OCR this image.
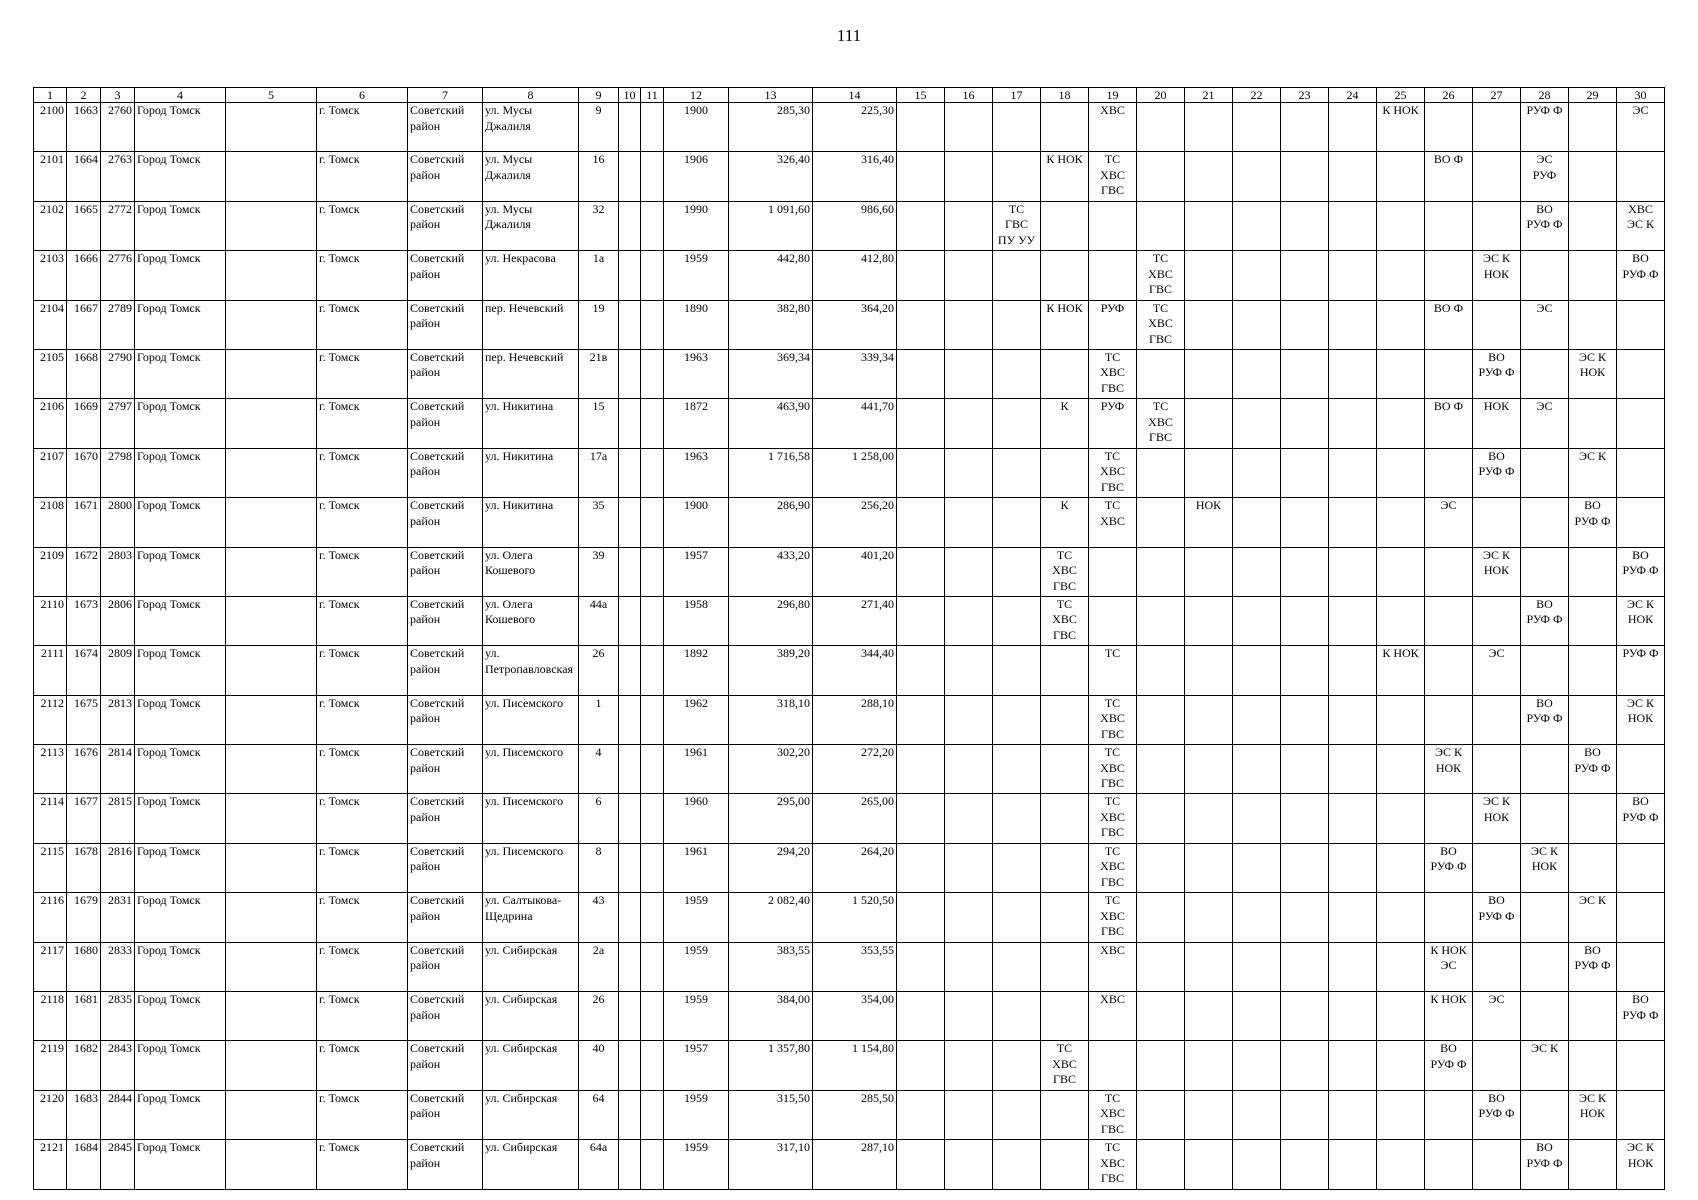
111
1	2	3	4	5	6	7	8	9	10	11	12	13	14	15	16	17	18	19	20	21	22	23	24	25	26	27	28	29	30
2100	1663	2760	Город Томск		г. Томск	Советский район	ул. Мусы Джалиля	9			1900	285,30	225,30					ХВС						К НОК			РУФ Ф		ЭС
2101	1664	2763	Город Томск		г. Томск	Советский район	ул. Мусы Джалиля	16			1906	326,40	316,40				К НОК	ТС
ХВС
ГВС							ВО Ф		ЭС
РУФ		
2102	1665	2772	Город Томск		г. Томск	Советский район	ул. Мусы Джалиля	32			1990	1 091,60	986,60			ТС
ГВС
ПУ УУ											ВО
РУФ Ф		ХВС
ЭС К
2103	1666	2776	Город Томск		г. Томск	Советский район	ул. Некрасова	1а			1959	442,80	412,80						ТС
ХВС
ГВС							ЭС К
НОК			ВО
РУФ Ф
2104	1667	2789	Город Томск		г. Томск	Советский район	пер. Нечевский	19			1890	382,80	364,20				К НОК	РУФ	ТС
ХВС
ГВС						ВО Ф		ЭС		
2105	1668	2790	Город Томск		г. Томск	Советский район	пер. Нечевский	21в			1963	369,34	339,34					ТС
ХВС
ГВС								ВО
РУФ Ф		ЭС К
НОК	
2106	1669	2797	Город Томск		г. Томск	Советский район	ул. Никитина	15			1872	463,90	441,70				К	РУФ	ТС
ХВС
ГВС						ВО Ф	НОК	ЭС		
2107	1670	2798	Город Томск		г. Томск	Советский район	ул. Никитина	17а			1963	1 716,58	1 258,00					ТС
ХВС
ГВС								ВО
РУФ Ф		ЭС К	
2108	1671	2800	Город Томск		г. Томск	Советский район	ул. Никитина	35			1900	286,90	256,20				К	ТС
ХВС		НОК					ЭС			ВО
РУФ Ф	
2109	1672	2803	Город Томск		г. Томск	Советский район	ул. Олега Кошевого	39			1957	433,20	401,20				ТС
ХВС
ГВС									ЭС К
НОК			ВО
РУФ Ф
2110	1673	2806	Город Томск		г. Томск	Советский район	ул. Олега Кошевого	44а			1958	296,80	271,40				ТС
ХВС
ГВС										ВО
РУФ Ф		ЭС К
НОК
2111	1674	2809	Город Томск		г. Томск	Советский район	ул. Петропавловская	26			1892	389,20	344,40					ТС						К НОК		ЭС			РУФ Ф
2112	1675	2813	Город Томск		г. Томск	Советский район	ул. Писемского	1			1962	318,10	288,10					ТС
ХВС
ГВС									ВО
РУФ Ф		ЭС К
НОК
2113	1676	2814	Город Томск		г. Томск	Советский район	ул. Писемского	4			1961	302,20	272,20					ТС
ХВС
ГВС							ЭС К
НОК			ВО
РУФ Ф	
2114	1677	2815	Город Томск		г. Томск	Советский район	ул. Писемского	6			1960	295,00	265,00					ТС
ХВС
ГВС								ЭС К
НОК			ВО
РУФ Ф
2115	1678	2816	Город Томск		г. Томск	Советский район	ул. Писемского	8			1961	294,20	264,20					ТС
ХВС
ГВС							ВО
РУФ Ф		ЭС К
НОК		
2116	1679	2831	Город Томск		г. Томск	Советский район	ул. Салтыкова-Щедрина	43			1959	2 082,40	1 520,50					ТС
ХВС
ГВС								ВО
РУФ Ф		ЭС К	
2117	1680	2833	Город Томск		г. Томск	Советский район	ул. Сибирская	2а			1959	383,55	353,55					ХВС							К НОК
ЭС			ВО
РУФ Ф	
2118	1681	2835	Город Томск		г. Томск	Советский район	ул. Сибирская	26			1959	384,00	354,00					ХВС							К НОК	ЭС			ВО
РУФ Ф
2119	1682	2843	Город Томск		г. Томск	Советский район	ул. Сибирская	40			1957	1 357,80	1 154,80				ТС
ХВС
ГВС								ВО
РУФ Ф		ЭС К		
2120	1683	2844	Город Томск		г. Томск	Советский район	ул. Сибирская	64			1959	315,50	285,50					ТС
ХВС
ГВС								ВО
РУФ Ф		ЭС К
НОК	
2121	1684	2845	Город Томск		г. Томск	Советский район	ул. Сибирская	64а			1959	317,10	287,10					ТС
ХВС
ГВС									ВО
РУФ Ф		ЭС К
НОК
